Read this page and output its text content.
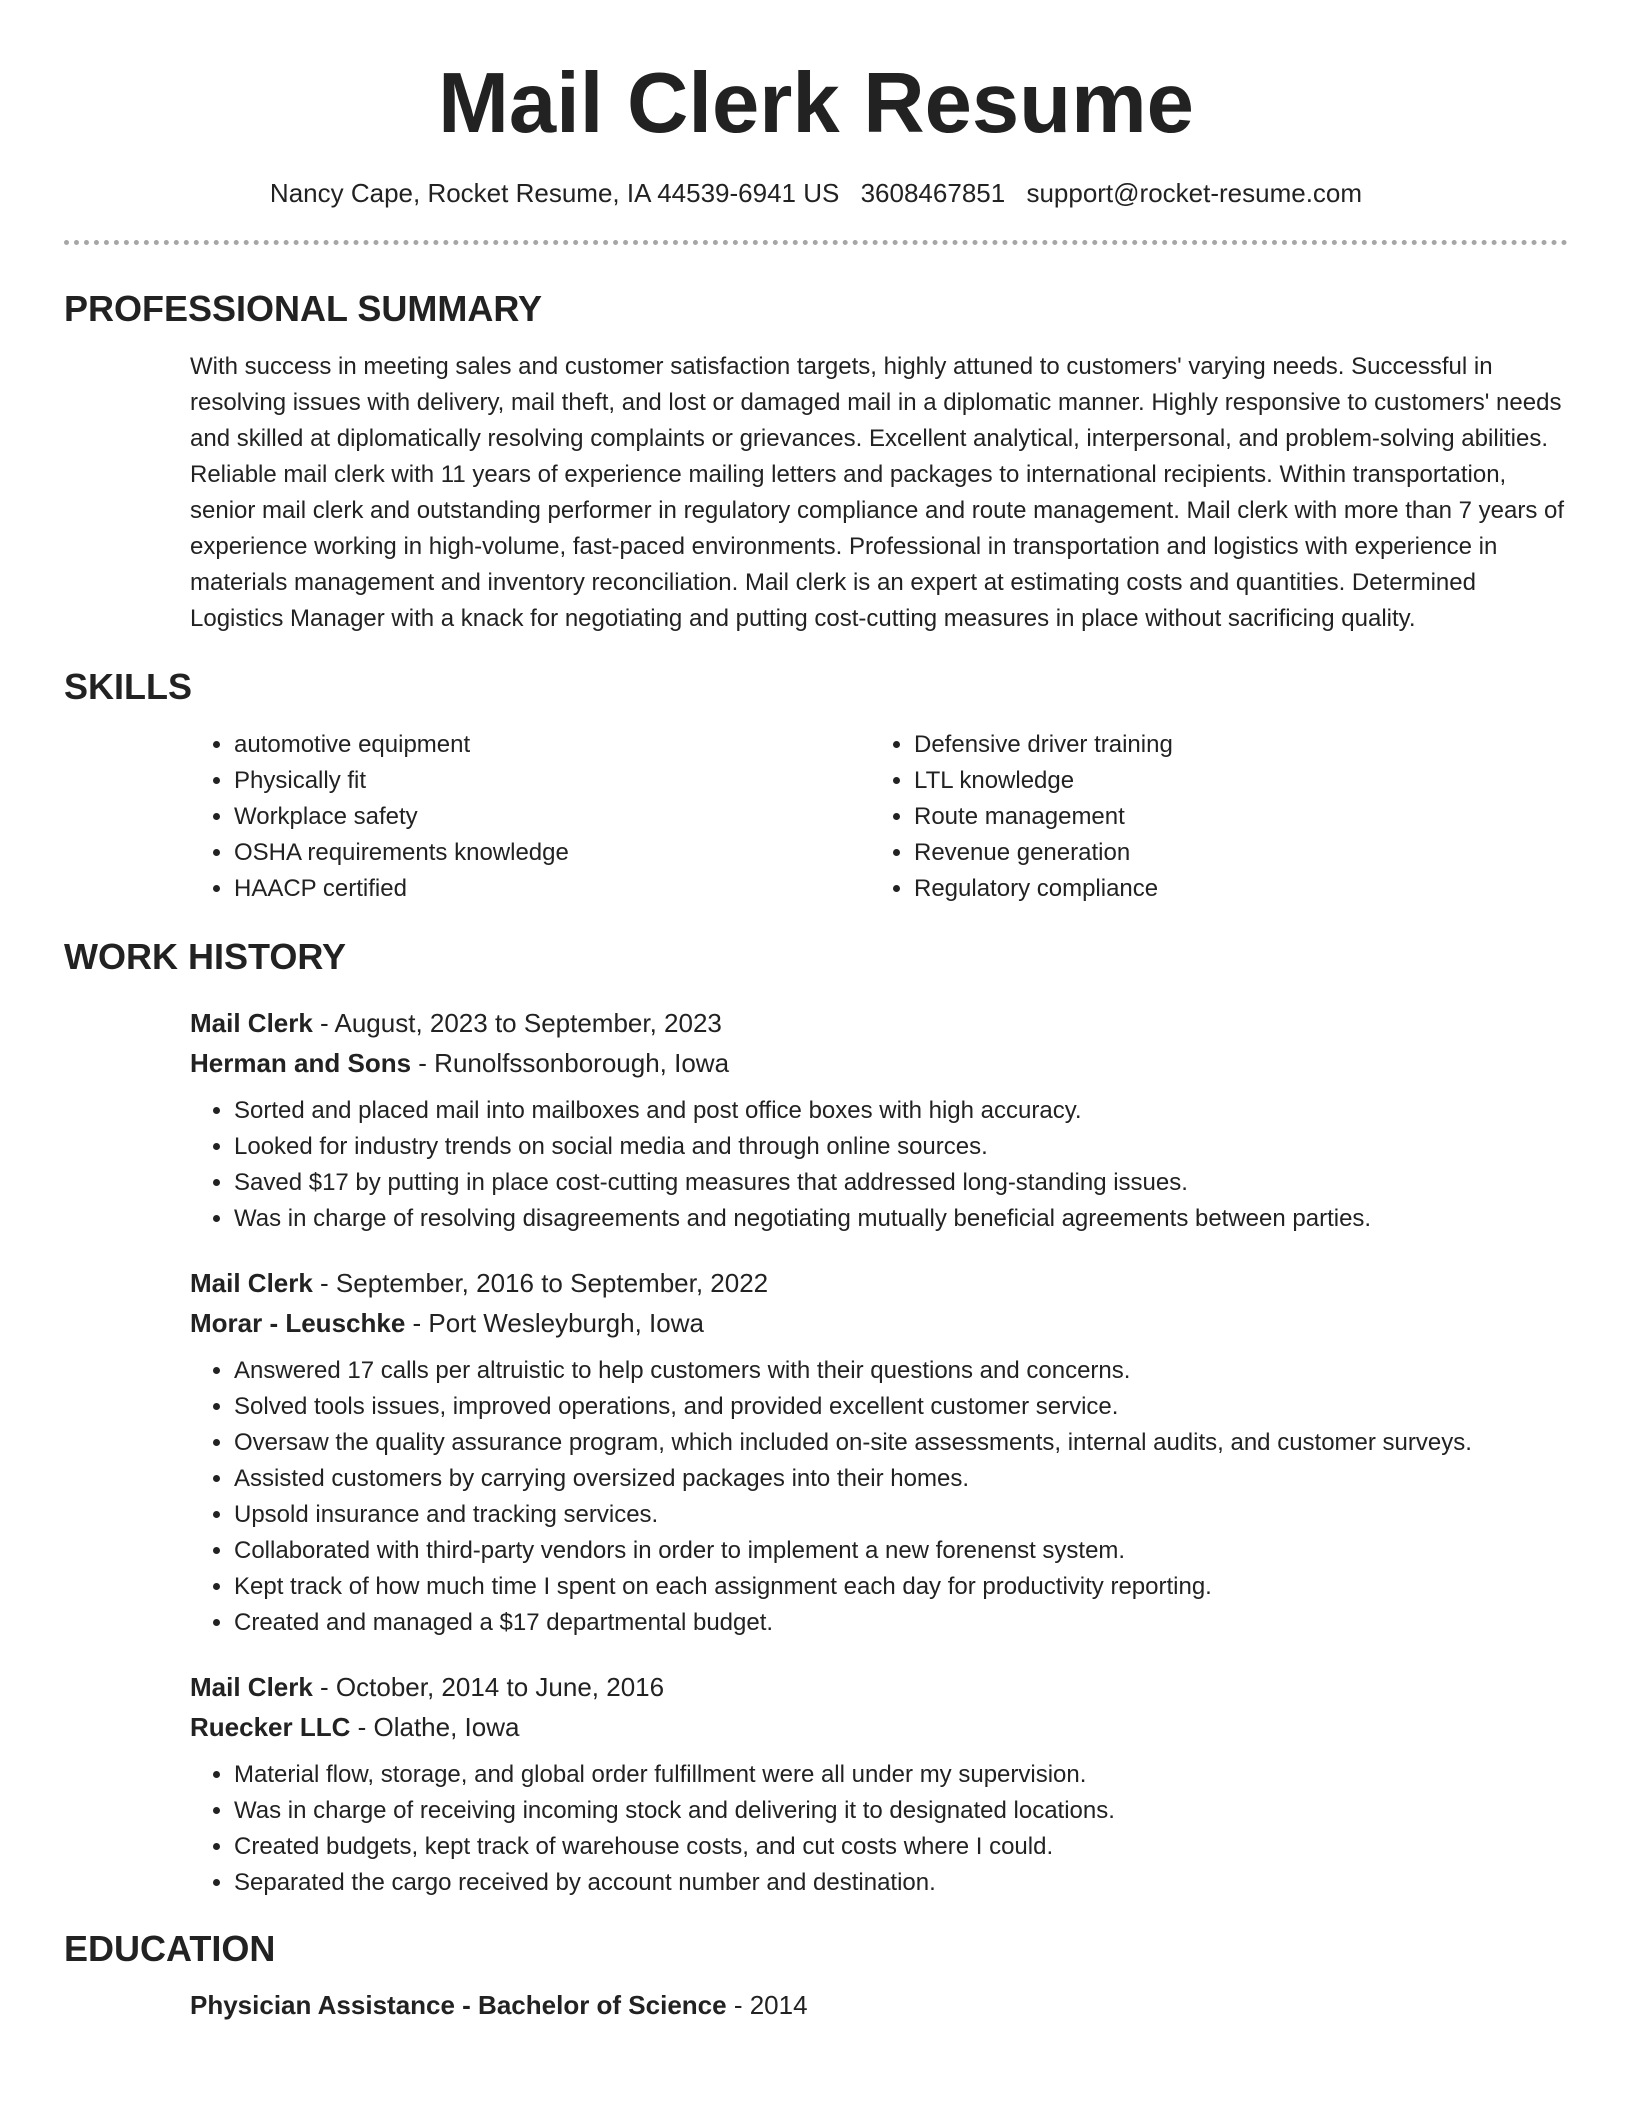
Mail Clerk Resume
Nancy Cape, Rocket Resume, IA 44539-6941 US 3608467851 support@rocket-resume.com
PROFESSIONAL SUMMARY
With success in meeting sales and customer satisfaction targets, highly attuned to customers' varying needs. Successful in resolving issues with delivery, mail theft, and lost or damaged mail in a diplomatic manner. Highly responsive to customers' needs and skilled at diplomatically resolving complaints or grievances. Excellent analytical, interpersonal, and problem-solving abilities. Reliable mail clerk with 11 years of experience mailing letters and packages to international recipients. Within transportation, senior mail clerk and outstanding performer in regulatory compliance and route management. Mail clerk with more than 7 years of experience working in high-volume, fast-paced environments. Professional in transportation and logistics with experience in materials management and inventory reconciliation. Mail clerk is an expert at estimating costs and quantities. Determined Logistics Manager with a knack for negotiating and putting cost-cutting measures in place without sacrificing quality.
SKILLS
• automotive equipment
• Physically fit
• Workplace safety
• OSHA requirements knowledge
• HAACP certified
• Defensive driver training
• LTL knowledge
• Route management
• Revenue generation
• Regulatory compliance
WORK HISTORY
Mail Clerk - August, 2023 to September, 2023
Herman and Sons - Runolfssonborough, Iowa
• Sorted and placed mail into mailboxes and post office boxes with high accuracy.
• Looked for industry trends on social media and through online sources.
• Saved $17 by putting in place cost-cutting measures that addressed long-standing issues.
• Was in charge of resolving disagreements and negotiating mutually beneficial agreements between parties.
Mail Clerk - September, 2016 to September, 2022
Morar - Leuschke - Port Wesleyburgh, Iowa
• Answered 17 calls per altruistic to help customers with their questions and concerns.
• Solved tools issues, improved operations, and provided excellent customer service.
• Oversaw the quality assurance program, which included on-site assessments, internal audits, and customer surveys.
• Assisted customers by carrying oversized packages into their homes.
• Upsold insurance and tracking services.
• Collaborated with third-party vendors in order to implement a new forenenst system.
• Kept track of how much time I spent on each assignment each day for productivity reporting.
• Created and managed a $17 departmental budget.
Mail Clerk - October, 2014 to June, 2016
Ruecker LLC - Olathe, Iowa
• Material flow, storage, and global order fulfillment were all under my supervision.
• Was in charge of receiving incoming stock and delivering it to designated locations.
• Created budgets, kept track of warehouse costs, and cut costs where I could.
• Separated the cargo received by account number and destination.
EDUCATION
Physician Assistance - Bachelor of Science - 2014
